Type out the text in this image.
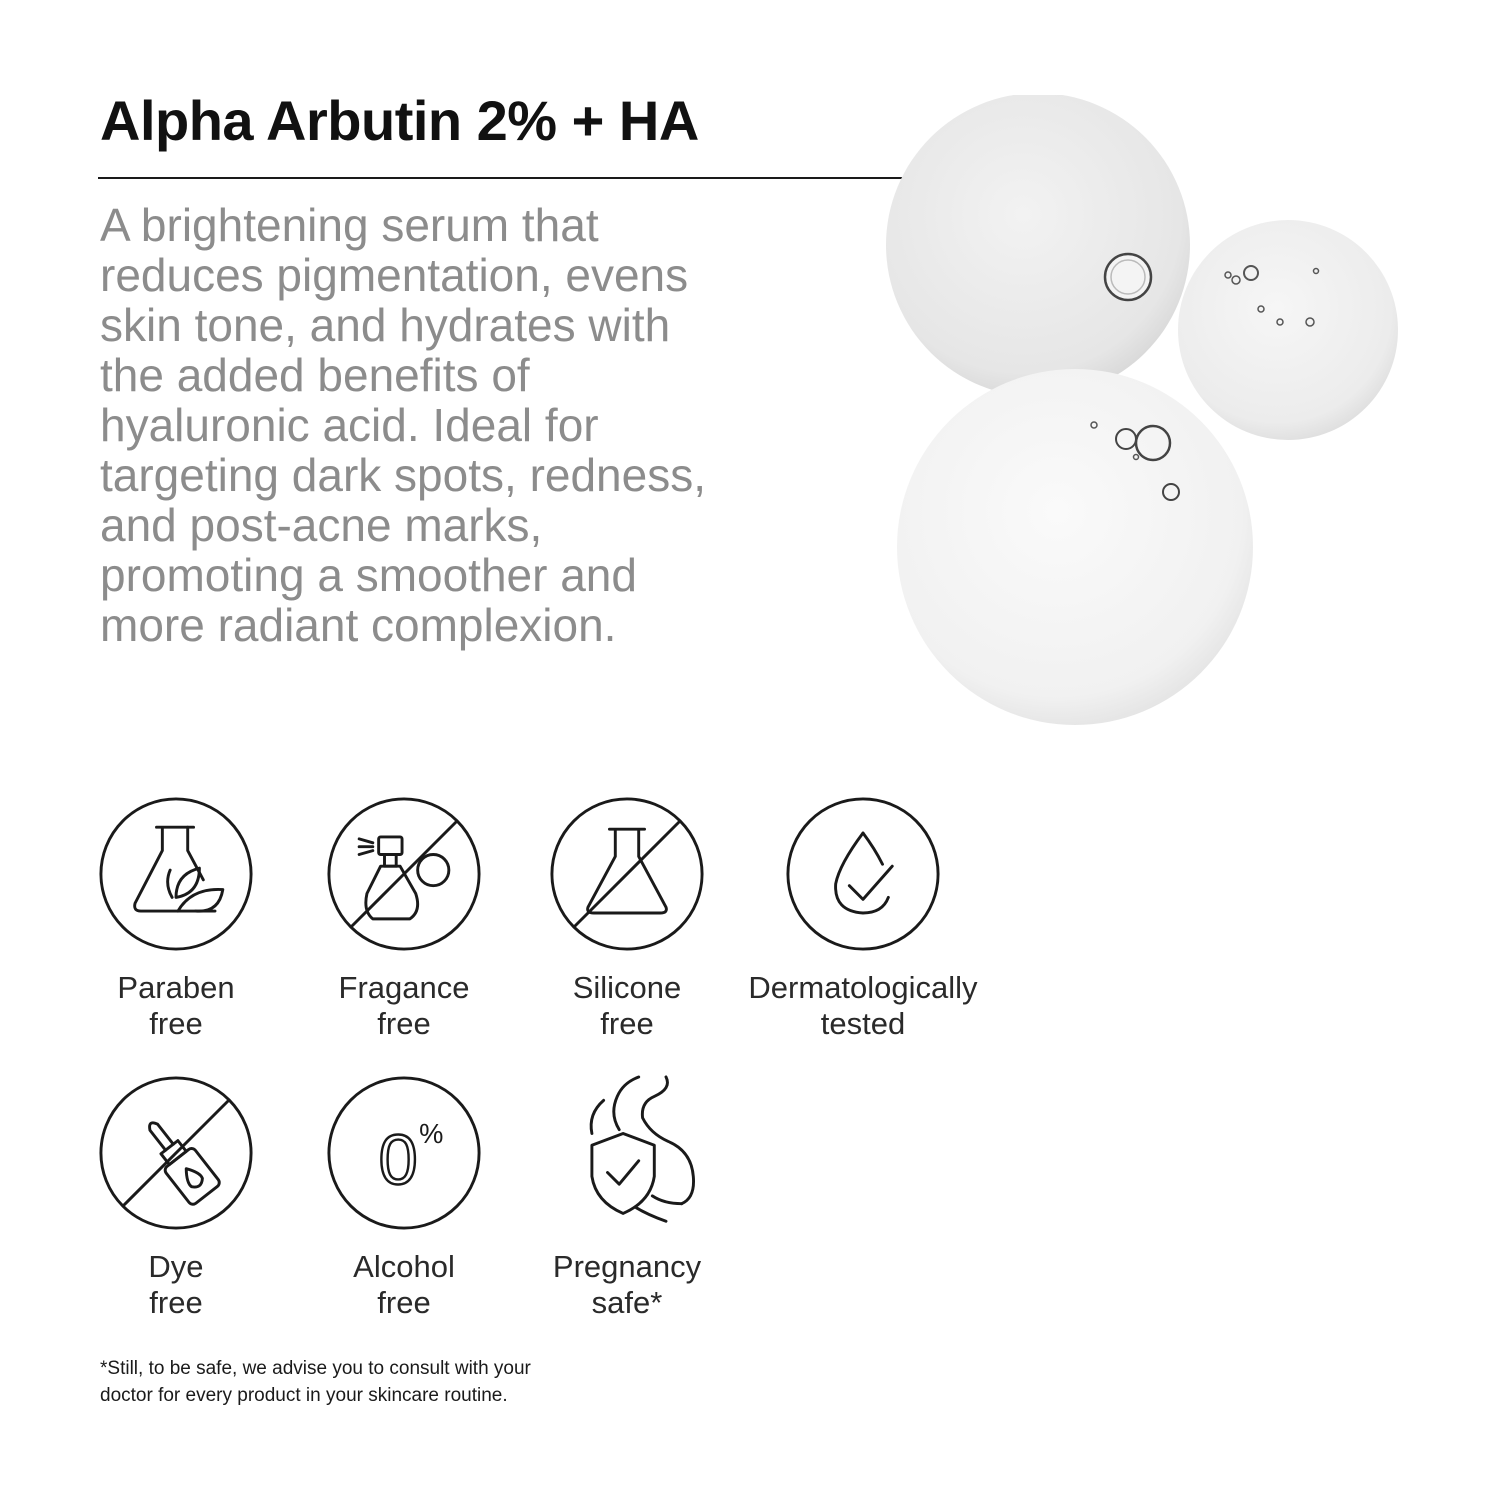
Alpha Arbutin 2% + HA

A brightening serum that
reduces pigmentation, evens
skin tone, and hydrates with
the added benefits of
hyaluronic acid. Ideal for
targeting dark spots, redness,
and post-acne marks,
promoting a smoother and
more radiant complexion.

Paraben
free
Fragance
free
Silicone
free
Dermatologically
tested
Dye
free
0 %
Alcohol
free
Pregnancy
safe*

*Still, to be safe, we advise you to consult with your
doctor for every product in your skincare routine.
